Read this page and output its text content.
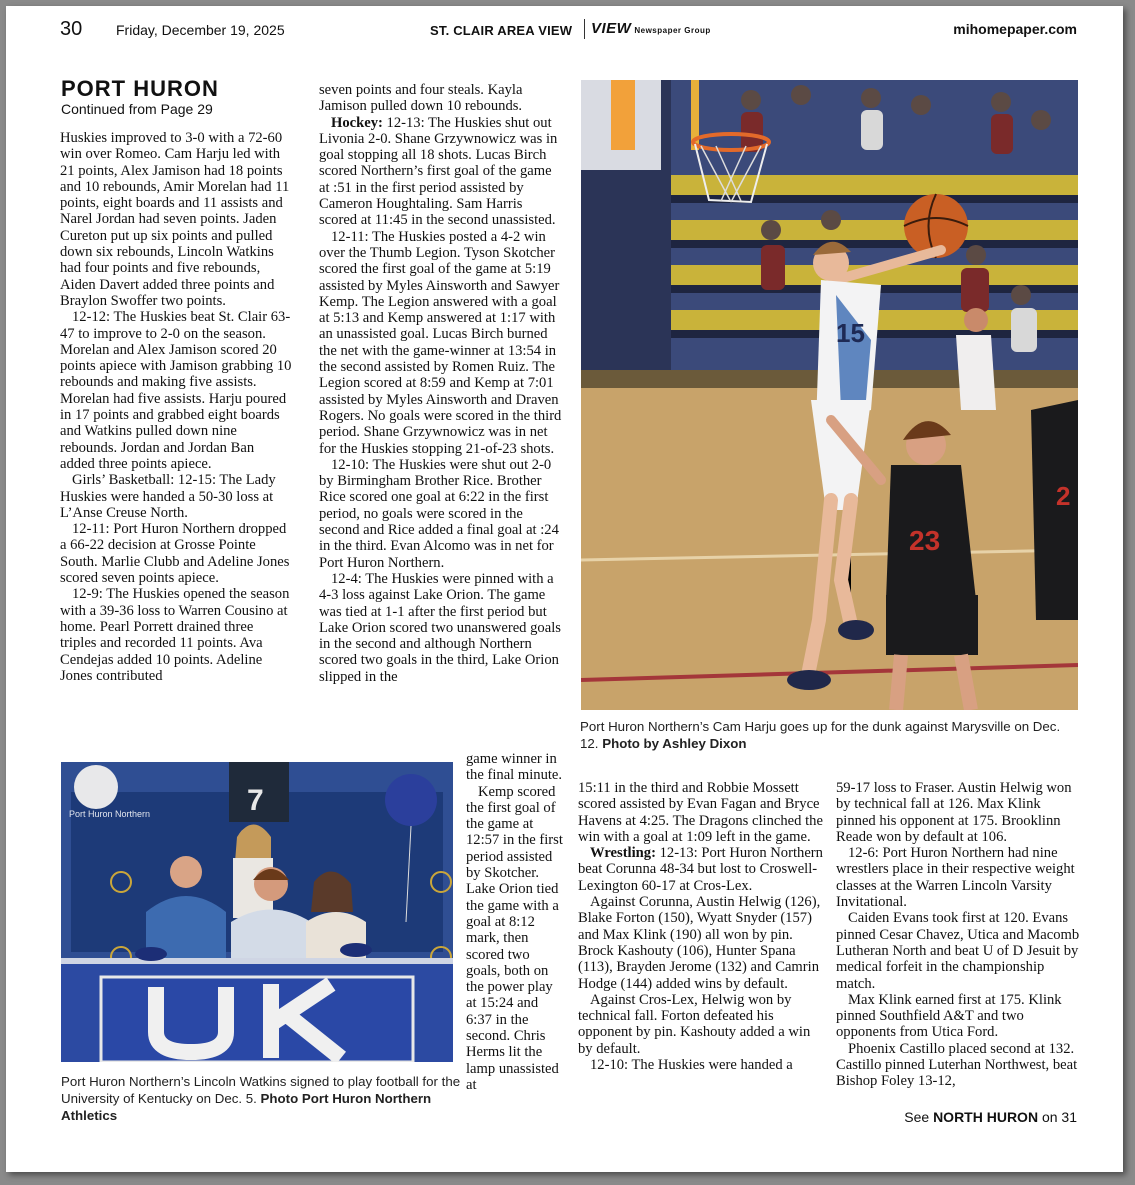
30 Friday, December 19, 2025	ST. CLAIR AREA VIEW VIEW Newspaper Group	mihomepaper.com
PORT HURON
Continued from Page 29

Huskies improved to 3-0 with a 72-60 win over Romeo. Cam Harju led with 21 points, Alex Jamison had 18 points and 10 rebounds, Amir Morelan had 11 points, eight boards and 11 assists and Narel Jordan had seven points. Jaden Cureton put up six points and pulled down six rebounds, Lincoln Watkins had four points and five rebounds, Aiden Davert added three points and Braylon Swoffer two points.

12-12: The Huskies beat St. Clair 63-47 to improve to 2-0 on the season. Morelan and Alex Jamison scored 20 points apiece with Jamison grabbing 10 rebounds and making five assists. Morelan had five assists. Harju poured in 17 points and grabbed eight boards and Watkins pulled down nine rebounds. Jordan and Jordan Ban added three points apiece.

Girls’ Basketball: 12-15: The Lady Huskies were handed a 50-30 loss at L’Anse Creuse North.

12-11: Port Huron Northern dropped a 66-22 decision at Grosse Pointe South. Marlie Clubb and Adeline Jones scored seven points apiece.

12-9: The Huskies opened the season with a 39-36 loss to Warren Cousino at home. Pearl Porrett drained three triples and recorded 11 points. Ava Cendejas added 10 points. Adeline Jones contributed

seven points and four steals. Kayla Jamison pulled down 10 rebounds.

Hockey: 12-13: The Huskies shut out Livonia 2-0. Shane Grzywnowicz was in goal stopping all 18 shots. Lucas Birch scored Northern’s first goal of the game at :51 in the first period assisted by Cameron Houghtaling. Sam Harris scored at 11:45 in the second unassisted.

12-11: The Huskies posted a 4-2 win over the Thumb Legion. Tyson Skotcher scored the first goal of the game at 5:19 assisted by Myles Ainsworth and Sawyer Kemp. The Legion answered with a goal at 5:13 and Kemp answered at 1:17 with an unassisted goal. Lucas Birch burned the net with the game-winner at 13:54 in the second assisted by Romen Ruiz. The Legion scored at 8:59 and Kemp at 7:01 assisted by Myles Ainsworth and Draven Rogers. No goals were scored in the third period. Shane Grzywnowicz was in net for the Huskies stopping 21-of-23 shots.

12-10: The Huskies were shut out 2-0 by Birmingham Brother Rice. Brother Rice scored one goal at 6:22 in the first period, no goals were scored in the second and Rice added a final goal at :24 in the third. Evan Alcomo was in net for Port Huron Northern.

12-4: The Huskies were pinned with a 4-3 loss against Lake Orion. The game was tied at 1-1 after the first period but Lake Orion scored two unanswered goals in the second and although Northern scored two goals in the third, Lake Orion slipped in the

game winner in the final minute.

Kemp scored the first goal of the game at 12:57 in the first period assisted by Skotcher. Lake Orion tied the game with a goal at 8:12 mark, then scored two goals, both on the power play at 15:24 and 6:37 in the second. Chris Herms lit the lamp unassisted at

15:11 in the third and Robbie Mossett scored assisted by Evan Fagan and Bryce Havens at 4:25. The Dragons clinched the win with a goal at 1:09 left in the game.

Wrestling: 12-13: Port Huron Northern beat Corunna 48-34 but lost to Croswell-Lexington 60-17 at Cros-Lex.

Against Corunna, Austin Helwig (126), Blake Forton (150), Wyatt Snyder (157) and Max Klink (190) all won by pin. Brock Kashouty (106), Hunter Spana (113), Brayden Jerome (132) and Camrin Hodge (144) added wins by default.

Against Cros-Lex, Helwig won by technical fall. Forton defeated his opponent by pin. Kashouty added a win by default.

12-10: The Huskies were handed a

59-17 loss to Fraser. Austin Helwig won by technical fall at 126. Max Klink pinned his opponent at 175. Brooklinn Reade won by default at 106.

12-6: Port Huron Northern had nine wrestlers place in their respective weight classes at the Warren Lincoln Varsity Invitational.

Caiden Evans took first at 120. Evans pinned Cesar Chavez, Utica and Macomb Lutheran North and beat U of D Jesuit by medical forfeit in the championship match.

Max Klink earned first at 175. Klink pinned Southfield A&T and two opponents from Utica Ford.

Phoenix Castillo placed second at 132. Castillo pinned Luterhan Northwest, beat Bishop Foley 13-12,

See NORTH HURON on 31
15
23
2
Port Huron Northern’s Cam Harju goes up for the dunk against Marysville on Dec. 12. Photo by Ashley Dixon
Port Huron Northern	7
Port Huron Northern’s Lincoln Watkins signed to play football for the University of Kentucky on Dec. 5. Photo Port Huron Northern Athletics
